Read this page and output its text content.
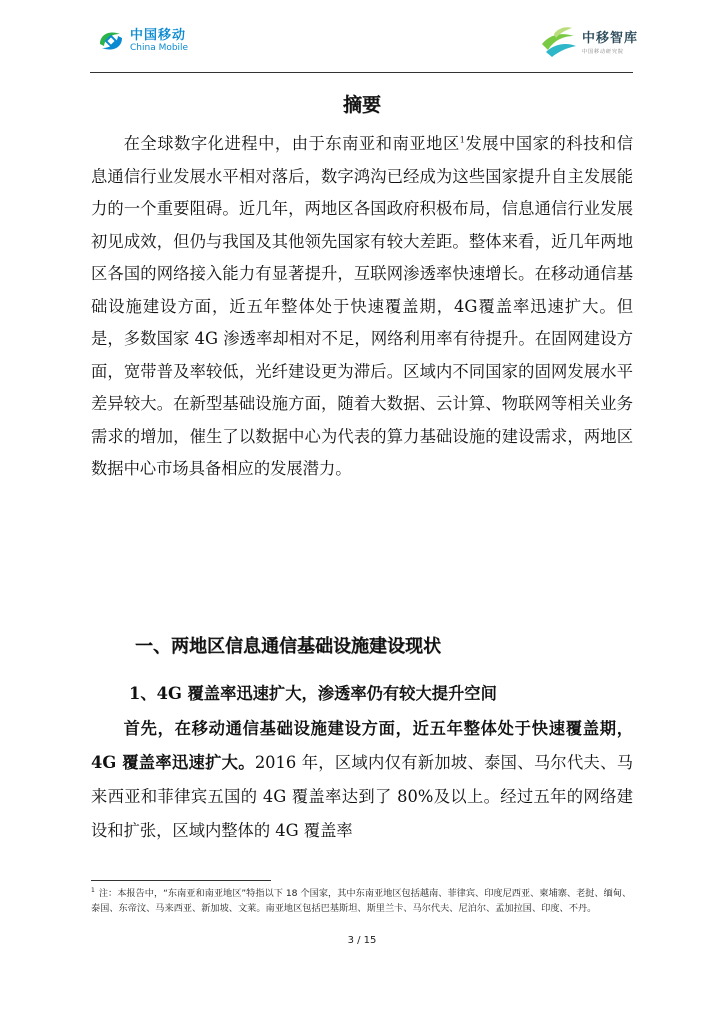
中国移动
China Mobile
中移智库
中国移动研究院
摘要

在全球数字化进程中，由于东南亚和南亚地区$^1$发展中国家的科技和信息通信行业发展水平相对落后，数字鸿沟已经成为这些国家提升自主发展能力的一个重要阻碍。近几年，两地区各国政府积极布局，信息通信行业发展初见成效，但仍与我国及其他领先国家有较大差距。整体来看，近几年两地区各国的网络接入能力有显著提升，互联网渗透率快速增长。在移动通信基础设施建设方面，近五年整体处于快速覆盖期，4G覆盖率迅速扩大。但是，多数国家 4G 渗透率却相对不足，网络利用率有待提升。在固网建设方面，宽带普及率较低，光纤建设更为滞后。区域内不同国家的固网发展水平差异较大。在新型基础设施方面，随着大数据、云计算、物联网等相关业务需求的增加，催生了以数据中心为代表的算力基础设施的建设需求，两地区数据中心市场具备相应的发展潜力。

一、两地区信息通信基础设施建设现状
1、4G 覆盖率迅速扩大，渗透率仍有较大提升空间

首先，在移动通信基础设施建设方面，近五年整体处于快速覆盖期，4G 覆盖率迅速扩大。2016 年，区域内仅有新加坡、泰国、马尔代夫、马来西亚和菲律宾五国的 4G 覆盖率达到了 80%及以上。经过五年的网络建设和扩张，区域内整体的 4G 覆盖率

$^1$ 注：本报告中，“东南亚和南亚地区”特指以下 18 个国家，其中东南亚地区包括越南、菲律宾、印度尼西亚、柬埔寨、老挝、缅甸、泰国、东帝汶、马来西亚、新加坡、文莱。南亚地区包括巴基斯坦、斯里兰卡、马尔代夫、尼泊尔、孟加拉国、印度、不丹。
3 / 15
